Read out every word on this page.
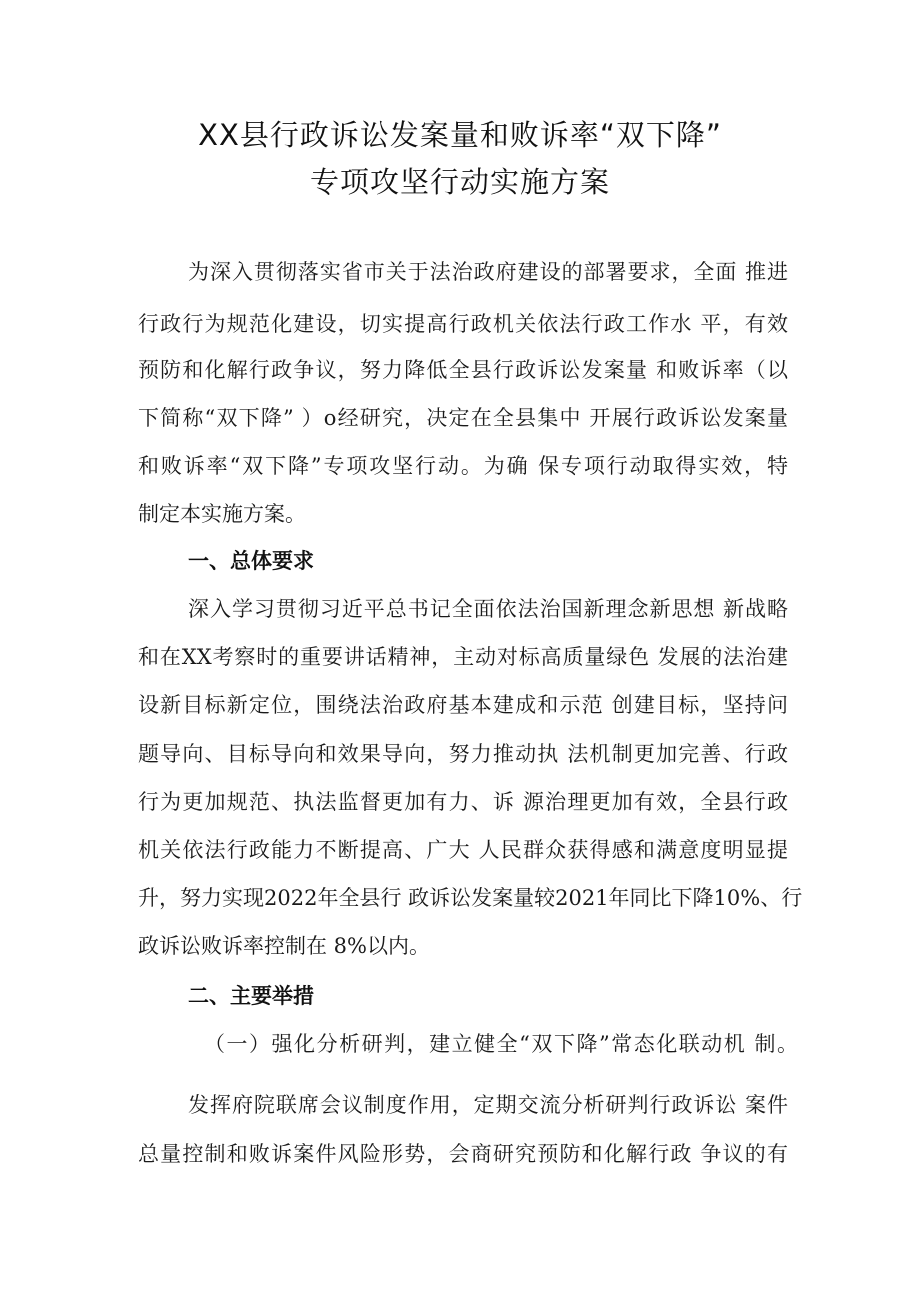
XX县行政诉讼发案量和败诉率“双下降”
专项攻坚行动实施方案
为深入贯彻落实省市关于法治政府建设的部署要求，全面 推进
行政行为规范化建设，切实提高行政机关依法行政工作水 平，有效
预防和化解行政争议，努力降低全县行政诉讼发案量 和败诉率（以
下简称“双下降” ）o经研究，决定在全县集中 开展行政诉讼发案量
和败诉率“双下降”专项攻坚行动。为确 保专项行动取得实效，特
制定本实施方案。
一、总体要求
深入学习贯彻习近平总书记全面依法治国新理念新思想 新战略
和在XX考察时的重要讲话精神，主动对标高质量绿色 发展的法治建
设新目标新定位，围绕法治政府基本建成和示范 创建目标，坚持问
题导向、目标导向和效果导向，努力推动执 法机制更加完善、行政
行为更加规范、执法监督更加有力、诉 源治理更加有效，全县行政
机关依法行政能力不断提高、广大 人民群众获得感和满意度明显提
升，努力实现2022年全县行 政诉讼发案量较2021年同比下降10%、行
政诉讼败诉率控制在 8%以内。
二、主要举措
（一）强化分析研判，建立健全“双下降”常态化联动机 制。
发挥府院联席会议制度作用，定期交流分析研判行政诉讼 案件
总量控制和败诉案件风险形势，会商研究预防和化解行政 争议的有
